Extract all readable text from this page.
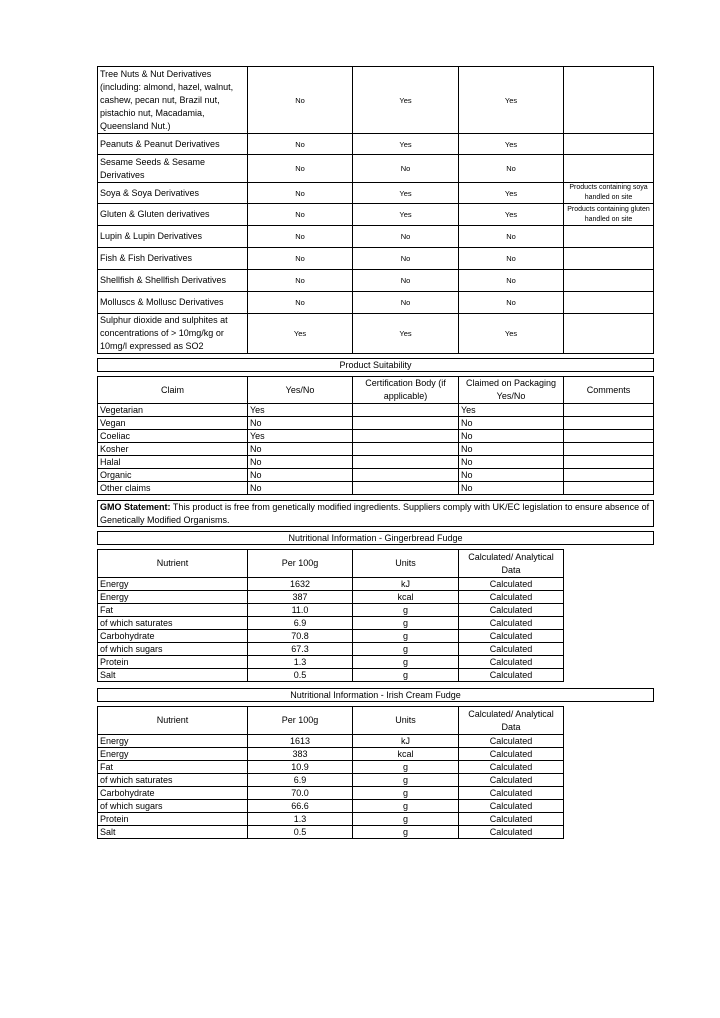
Tree Nuts & Nut Derivatives (including: almond, hazel, walnut, cashew, pecan nut, Brazil nut, pistachio nut, Macadamia, Queensland Nut.)	No	Yes	Yes	
Peanuts & Peanut Derivatives	No	Yes	Yes	
Sesame Seeds & Sesame Derivatives	No	No	No	
Soya & Soya Derivatives	No	Yes	Yes	Products containing soya handled on site
Gluten & Gluten derivatives	No	Yes	Yes	Products containing gluten handled on site
Lupin & Lupin Derivatives	No	No	No	
Fish & Fish Derivatives	No	No	No	
Shellfish & Shellfish Derivatives	No	No	No	
Molluscs & Mollusc Derivatives	No	No	No	
Sulphur dioxide and sulphites at concentrations of > 10mg/kg or 10mg/l expressed as SO2	Yes	Yes	Yes	
Product Suitability
Claim	Yes/No	Certification Body (if applicable)	Claimed on Packaging Yes/No	Comments
Vegetarian	Yes		Yes	
Vegan	No		No	
Coeliac	Yes		No	
Kosher	No		No	
Halal	No		No	
Organic	No		No	
Other claims	No		No	
GMO Statement: This product is free from genetically modified ingredients. Suppliers comply with UK/EC legislation to ensure absence of Genetically Modified Organisms.
Nutritional Information - Gingerbread Fudge
Nutrient	Per 100g	Units	Calculated/ Analytical Data
Energy	1632	kJ	Calculated
Energy	387	kcal	Calculated
Fat	11.0	g	Calculated
of which saturates	6.9	g	Calculated
Carbohydrate	70.8	g	Calculated
of which sugars	67.3	g	Calculated
Protein	1.3	g	Calculated
Salt	0.5	g	Calculated
Nutritional Information - Irish Cream Fudge
Nutrient	Per 100g	Units	Calculated/ Analytical Data
Energy	1613	kJ	Calculated
Energy	383	kcal	Calculated
Fat	10.9	g	Calculated
of which saturates	6.9	g	Calculated
Carbohydrate	70.0	g	Calculated
of which sugars	66.6	g	Calculated
Protein	1.3	g	Calculated
Salt	0.5	g	Calculated
